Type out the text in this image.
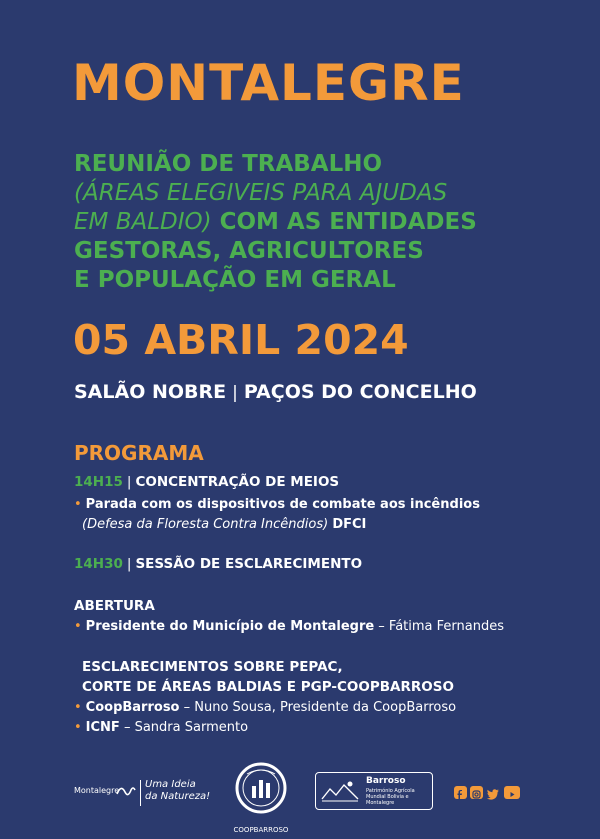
MONTALEGRE
REUNIÃO DE TRABALHO
(ÁREAS ELEGIVEIS PARA AJUDAS
EM BALDIO) COM AS ENTIDADES
GESTORAS, AGRICULTORES
E POPULAÇÃO EM GERAL
05 ABRIL 2024
SALÃO NOBRE | PAÇOS DO CONCELHO
PROGRAMA
14H15 | CONCENTRAÇÃO DE MEIOS
• Parada com os dispositivos de combate aos incêndios
(Defesa da Floresta Contra Incêndios) DFCI
14H30 | SESSÃO DE ESCLARECIMENTO
ABERTURA
• Presidente do Município de Montalegre – Fátima Fernandes
ESCLARECIMENTOS SOBRE PEPAC,
CORTE DE ÁREAS BALDIAS E PGP-COOPBARROSO
• CoopBarroso – Nuno Sousa, Presidente da CoopBarroso
• ICNF – Sandra Sarmento
Montalegre
Uma Ideia
da Natureza!
COOPBARROSO
Barroso
Património Agrícola Mundial Bolivia e Montalegre
